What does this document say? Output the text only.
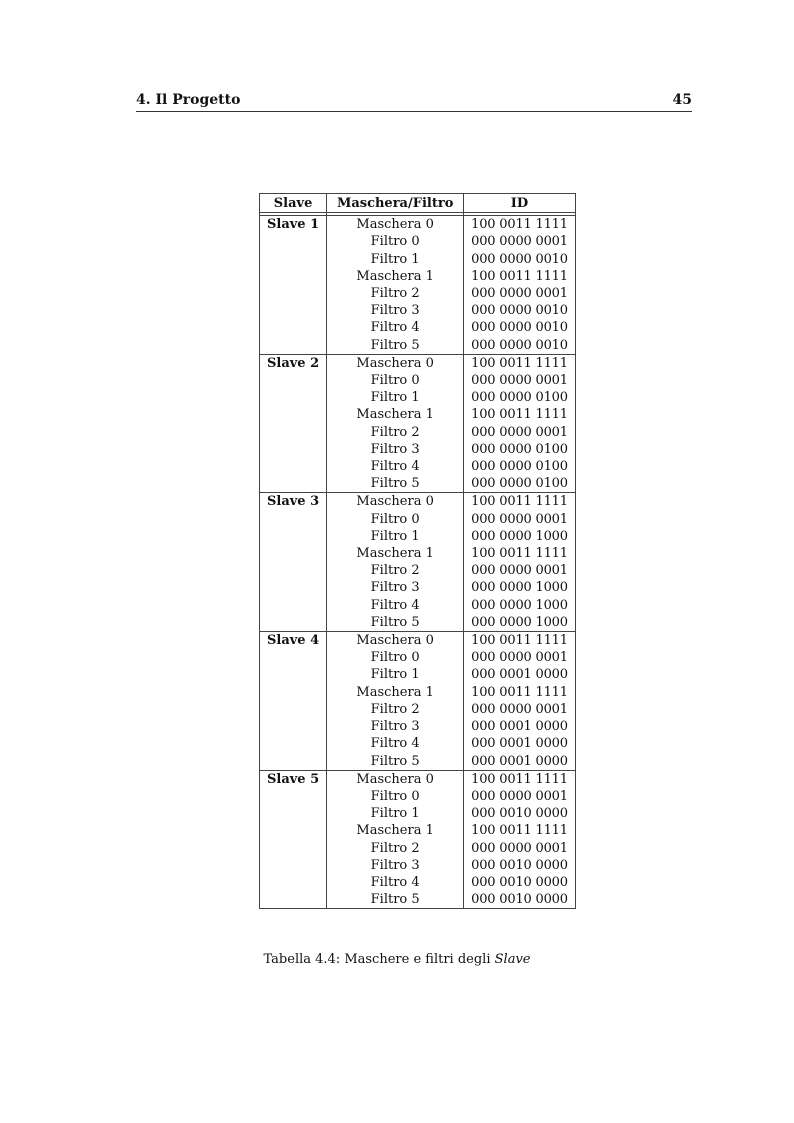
4. Il Progetto	45
Slave	Maschera/Filtro	ID

Slave 1	Maschera 0	100 0011 1111
	Filtro 0	000 0000 0001
	Filtro 1	000 0000 0010
	Maschera 1	100 0011 1111
	Filtro 2	000 0000 0001
	Filtro 3	000 0000 0010
	Filtro 4	000 0000 0010
	Filtro 5	000 0000 0010
Slave 2	Maschera 0	100 0011 1111
	Filtro 0	000 0000 0001
	Filtro 1	000 0000 0100
	Maschera 1	100 0011 1111
	Filtro 2	000 0000 0001
	Filtro 3	000 0000 0100
	Filtro 4	000 0000 0100
	Filtro 5	000 0000 0100
Slave 3	Maschera 0	100 0011 1111
	Filtro 0	000 0000 0001
	Filtro 1	000 0000 1000
	Maschera 1	100 0011 1111
	Filtro 2	000 0000 0001
	Filtro 3	000 0000 1000
	Filtro 4	000 0000 1000
	Filtro 5	000 0000 1000
Slave 4	Maschera 0	100 0011 1111
	Filtro 0	000 0000 0001
	Filtro 1	000 0001 0000
	Maschera 1	100 0011 1111
	Filtro 2	000 0000 0001
	Filtro 3	000 0001 0000
	Filtro 4	000 0001 0000
	Filtro 5	000 0001 0000
Slave 5	Maschera 0	100 0011 1111
	Filtro 0	000 0000 0001
	Filtro 1	000 0010 0000
	Maschera 1	100 0011 1111
	Filtro 2	000 0000 0001
	Filtro 3	000 0010 0000
	Filtro 4	000 0010 0000
	Filtro 5	000 0010 0000
Tabella 4.4: Maschere e filtri degli Slave
